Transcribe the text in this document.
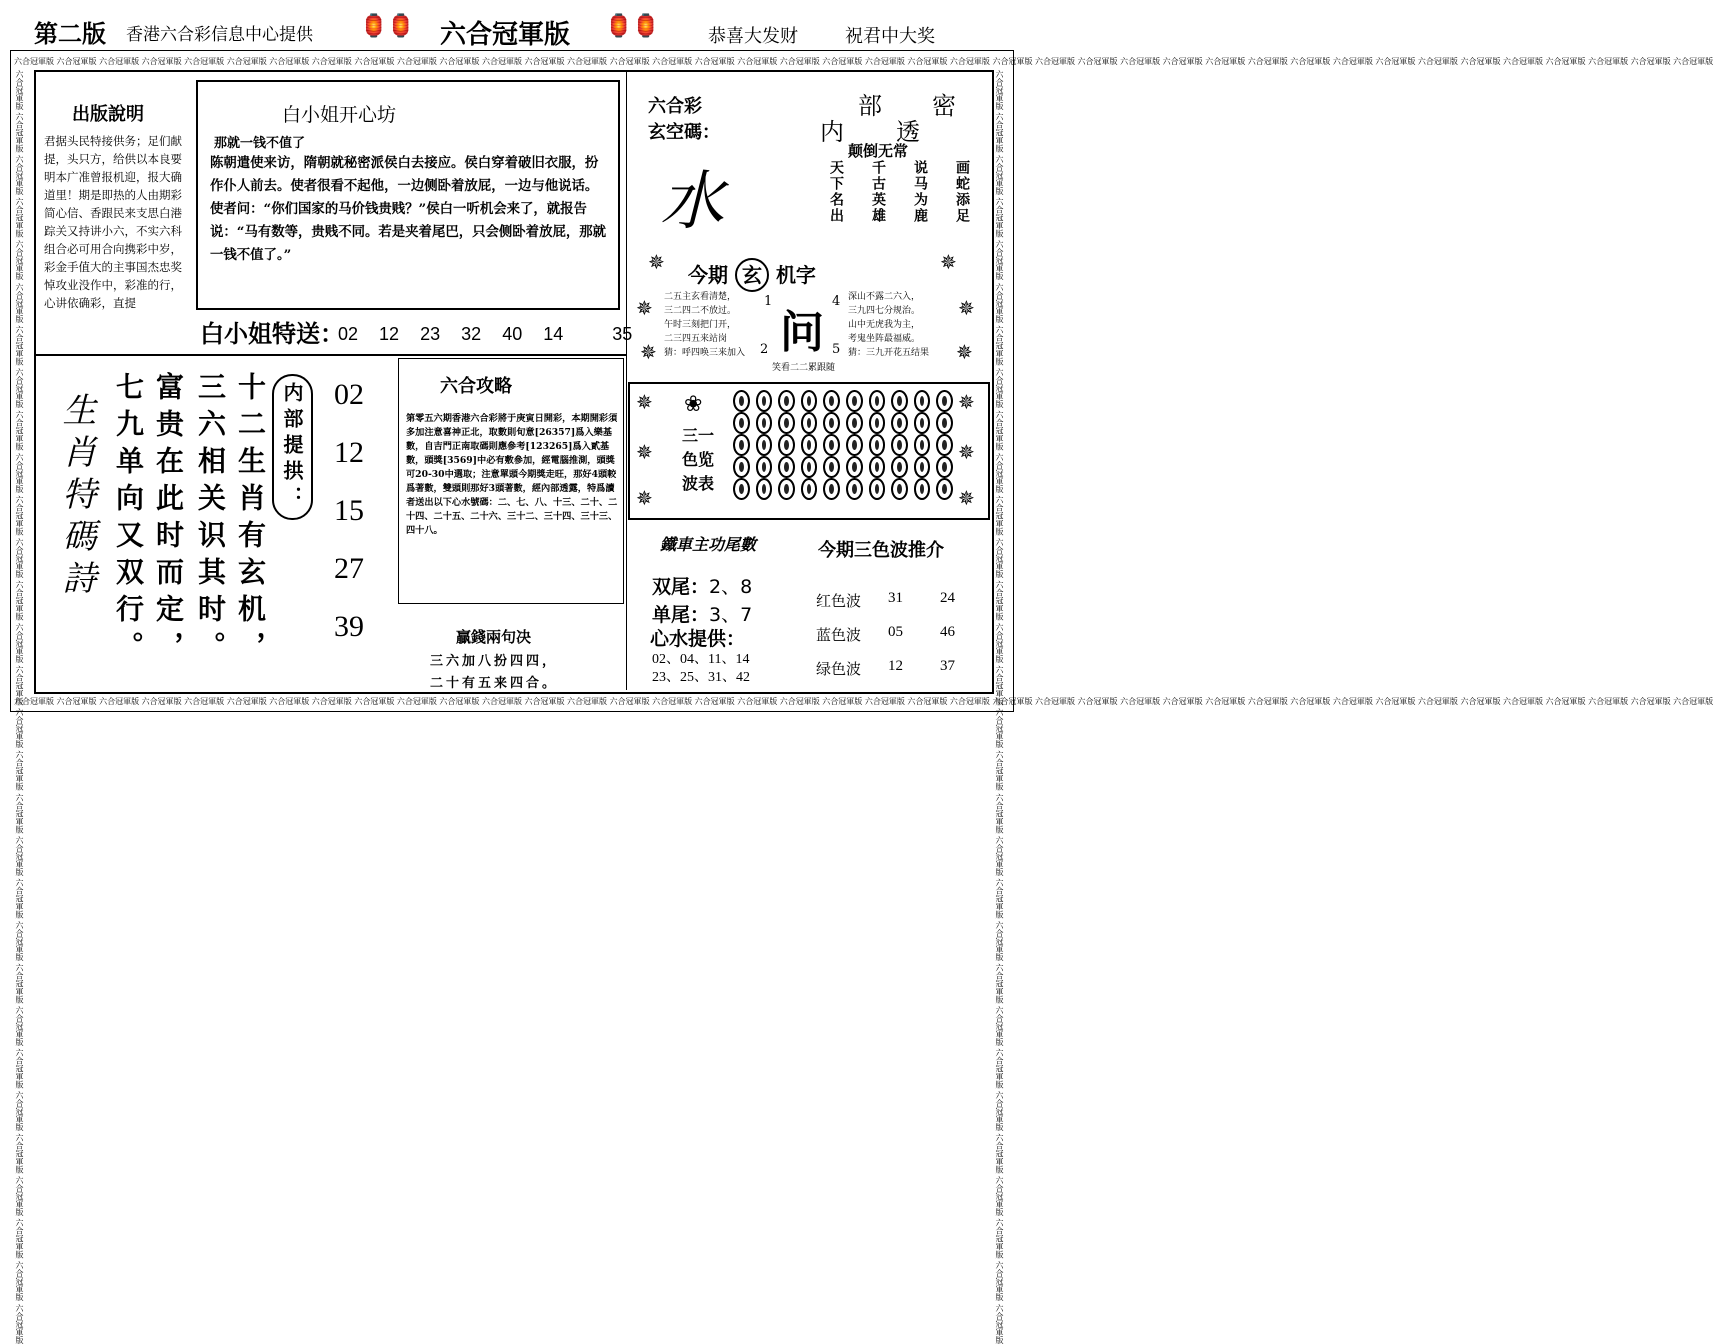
第二版 香港六合彩信息中心提供 🏮🏮 六合冠軍版 🏮🏮	恭喜大发财	祝君中大奖
六合冠軍版 六合冠軍版 六合冠軍版 六合冠軍版 六合冠軍版 六合冠軍版 六合冠軍版 六合冠軍版 六合冠軍版 六合冠軍版 六合冠軍版 六合冠軍版 六合冠軍版 六合冠軍版 六合冠軍版 六合冠軍版 六合冠軍版 六合冠軍版 六合冠軍版 六合冠軍版 六合冠軍版 六合冠軍版 六合冠軍版 六合冠軍版 六合冠軍版 六合冠軍版 六合冠軍版 六合冠軍版 六合冠軍版 六合冠軍版 六合冠軍版 六合冠軍版 六合冠軍版 六合冠軍版 六合冠軍版 六合冠軍版 六合冠軍版 六合冠軍版 六合冠軍版 六合冠軍版
六合冠軍版 六合冠軍版 六合冠軍版 六合冠軍版 六合冠軍版 六合冠軍版 六合冠軍版 六合冠軍版 六合冠軍版 六合冠軍版 六合冠軍版 六合冠軍版 六合冠軍版 六合冠軍版 六合冠軍版 六合冠軍版 六合冠軍版 六合冠軍版 六合冠軍版 六合冠軍版 六合冠軍版 六合冠軍版 六合冠軍版 六合冠軍版 六合冠軍版 六合冠軍版 六合冠軍版 六合冠軍版 六合冠軍版 六合冠軍版 六合冠軍版 六合冠軍版 六合冠軍版 六合冠軍版 六合冠軍版 六合冠軍版 六合冠軍版 六合冠軍版 六合冠軍版 六合冠軍版
六合冠軍版 六合冠軍版 六合冠軍版 六合冠軍版 六合冠軍版 六合冠軍版 六合冠軍版 六合冠軍版 六合冠軍版 六合冠軍版 六合冠軍版 六合冠軍版 六合冠軍版 六合冠軍版 六合冠軍版 六合冠軍版 六合冠軍版 六合冠軍版 六合冠軍版 六合冠軍版 六合冠軍版 六合冠軍版 六合冠軍版 六合冠軍版 六合冠軍版 六合冠軍版 六合冠軍版 六合冠軍版 六合冠軍版 六合冠軍版	六合冠軍版 六合冠軍版 六合冠軍版 六合冠軍版 六合冠軍版 六合冠軍版 六合冠軍版 六合冠軍版 六合冠軍版 六合冠軍版 六合冠軍版 六合冠軍版 六合冠軍版 六合冠軍版 六合冠軍版 六合冠軍版 六合冠軍版 六合冠軍版 六合冠軍版 六合冠軍版 六合冠軍版 六合冠軍版 六合冠軍版 六合冠軍版 六合冠軍版 六合冠軍版 六合冠軍版 六合冠軍版 六合冠軍版 六合冠軍版
出版說明
君据头民特接供务；足们献提，头只方，给供以本良要明本广准曾报机迎，报大确道里！期是即热的人由期彩简心信、香跟民来支思白港踪关又持讲小六，不实六科组合必可用合向携彩中岁，彩金手值大的主事国杰忠奖悼攻业没作中，彩准的行，心讲依确彩，直提
白小姐开心坊
那就一钱不值了
陈朝遣使来访，隋朝就秘密派侯白去接应。侯白穿着破旧衣服，扮作仆人前去。使者很看不起他，一边侧卧着放屁，一边与他说话。使者问：“你们国家的马价钱贵贱？”侯白一听机会来了，就报告说：“马有数等，贵贱不同。若是夹着尾巴，只会侧卧着放屁，那就一钱不值了。”
白小姐特送：
02 12 23 32 40 14	35
六合彩
玄空碼：
水
内
部
透
密
颠倒无常
天下名出 千古英雄 说马为鹿 画蛇添足
✵	✵
✵	✵
✵	✵
今期 玄 机字
二五主玄看清楚，
三二四二不放过。
午时三刻把门开，
二三四五来站岗
猜：呼四唤三来加入
1
2
4
5
问
深山不露二六入，
三九四七分规治。
山中无虎我为主，
考鬼坐阵最福威。
猜：三九开花五结果
笑看二二累跟随
生肖特碼詩	十二生肖有玄机，
三六相关识其时。
富贵在此时而定，
七九单向又双行。	内部提拱：	02
12
15
27
39
六合攻略
第零五六期香港六合彩將于庚寅日開彩，本期開彩須多加注意喜神正北，取數則旬意[26357]爲入樂基數，自吉門正南取碼則應參考[123265]爲入貳基數，頭獎[3569]中必有敷參加，經電腦推測，頭獎可20-30中選取；注意單頭今期獎走旺，那好4頭較爲著數，雙頭則那好3頭著數，經內部透露，特爲讀者送出以下心水號碼：二、七、八、十三、二十、二十四、二十五、二十六、三十二、三十四、三十三、四十八。
贏錢兩句决
三六加八扮四四，
二十有五来四合。
✵
✵
✵
✵
✵
✵
❀
三一色览波表
鐵車主功尾數
双尾：2、8
单尾：3、7
心水提供：
02、04、11、14
23、25、31、42
今期三色波推介
红色波	31	24
蓝色波	05	46
绿色波	12	37
